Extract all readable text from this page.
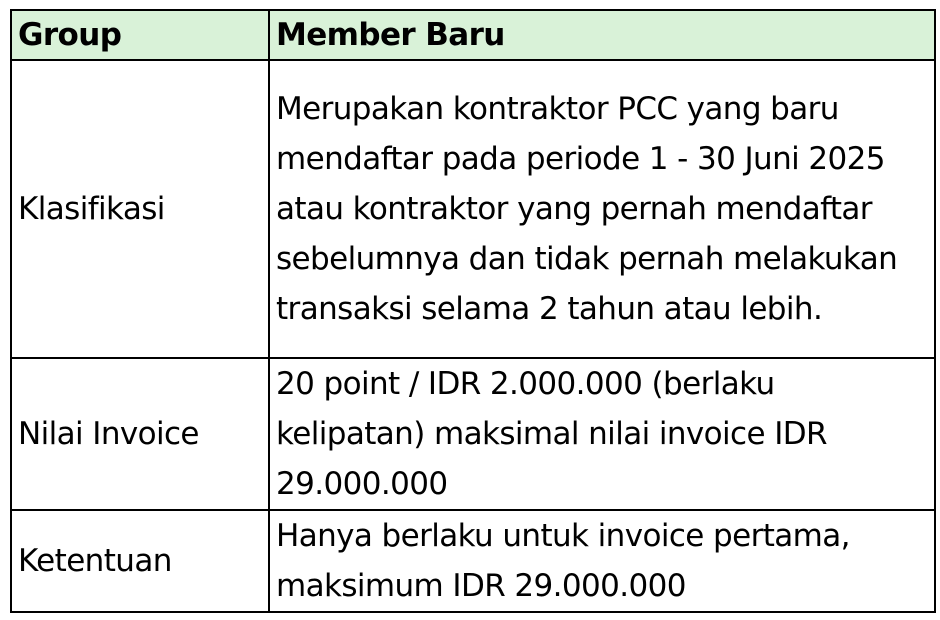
Group	Member Baru
Klasifikasi	Merupakan kontraktor PCC yang baru
mendaftar pada periode 1 - 30 Juni 2025
atau kontraktor yang pernah mendaftar
sebelumnya dan tidak pernah melakukan
transaksi selama 2 tahun atau lebih.

Nilai Invoice	20 point / IDR 2.000.000 (berlaku
kelipatan) maksimal nilai invoice IDR
29.000.000

Ketentuan	Hanya berlaku untuk invoice pertama,
maksimum IDR 29.000.000
